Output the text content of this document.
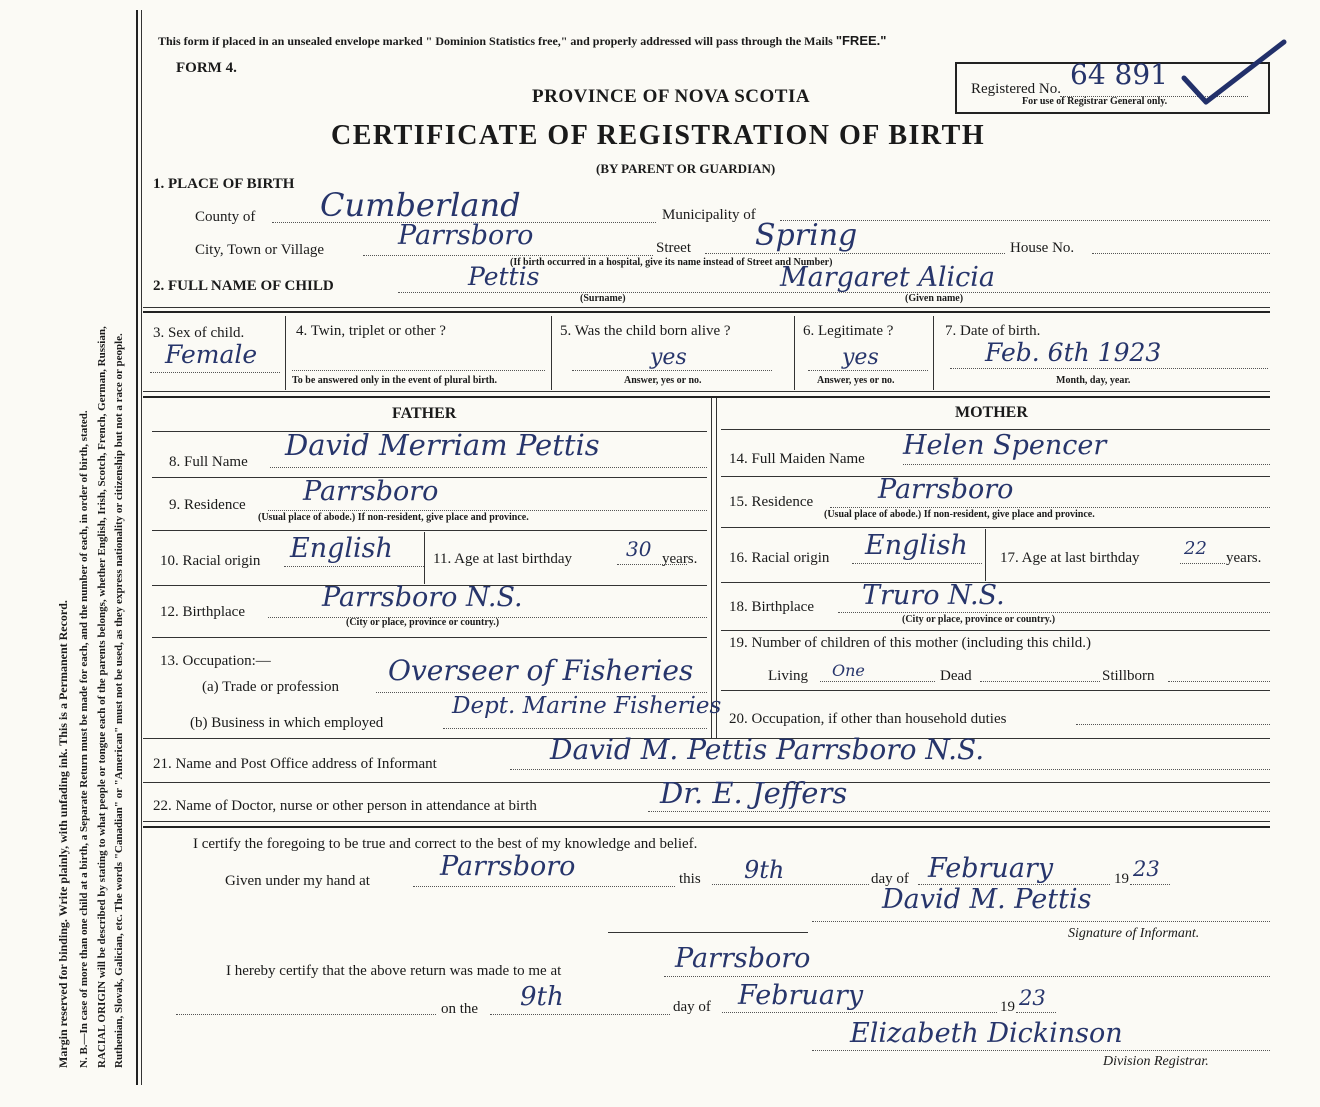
Margin reserved for binding. Write plainly, with unfading ink. This is a Permanent Record. N. B.—In case of more than one child at a birth, a Separate Return must be made for each, and the number of each, in order of birth, stated. RACIAL ORIGIN will be described by stating to what people or tongue each of the parents belongs, whether English, Irish, Scotch, French, German, Russian, Ruthenian, Slovak, Galician, etc. The words "Canadian" or "American" must not be used, as they express nationality or citizenship but not a race or people.
This form if placed in an unsealed envelope marked " Dominion Statistics free," and properly addressed will pass through the Mails "FREE."
FORM 4.
PROVINCE OF NOVA SCOTIA
CERTIFICATE OF REGISTRATION OF BIRTH
(BY PARENT OR GUARDIAN)
Registered No. 64 891
For use of Registrar General only.
1. PLACE OF BIRTH
County of Cumberland	Municipality of
City, Town or Village	Parrsboro	Street Spring	House No.
(If birth occurred in a hospital, give its name instead of Street and Number)
2. FULL NAME OF CHILD	Pettis	Margaret Alicia
(Surname)	(Given name)
3. Sex of child.
Female
4. Twin, triplet or other ?
To be answered only in the event of plural birth.
5. Was the child born alive ?
yes
Answer, yes or no.
6. Legitimate ?
yes
Answer, yes or no.
7. Date of birth.
Feb. 6th 1923
Month, day, year.
FATHER
8. Full Name David Merriam Pettis
9. Residence Parrsboro
(Usual place of abode.) If non-resident, give place and province.
10. Racial origin English	11. Age at last birthday	30 years.
12. Birthplace	Parrsboro N.S.
(City or place, province or country.)
13. Occupation:—
(a) Trade or profession Overseer of Fisheries
(b) Business in which employed
Dept. Marine Fisheries
MOTHER
14. Full Maiden Name Helen Spencer
15. Residence Parrsboro
(Usual place of abode.) If non-resident, give place and province.
16. Racial origin English 17. Age at last birthday 22 years.
18. Birthplace Truro N.S.
(City or place, province or country.)
19. Number of children of this mother (including this child.)
Living One	Dead	Stillborn
20. Occupation, if other than household duties
21. Name and Post Office address of Informant	David M. Pettis Parrsboro N.S.
22. Name of Doctor, nurse or other person in attendance at birth	Dr. E. Jeffers
I certify the foregoing to be true and correct to the best of my knowledge and belief.
Given under my hand at	Parrsboro	this 9th	day of February	19 23
David M. Pettis
Signature of Informant.
I hereby certify that the above return was made to me at	Parrsboro
on the 9th	day of February	19 23
Elizabeth Dickinson
Division Registrar.
